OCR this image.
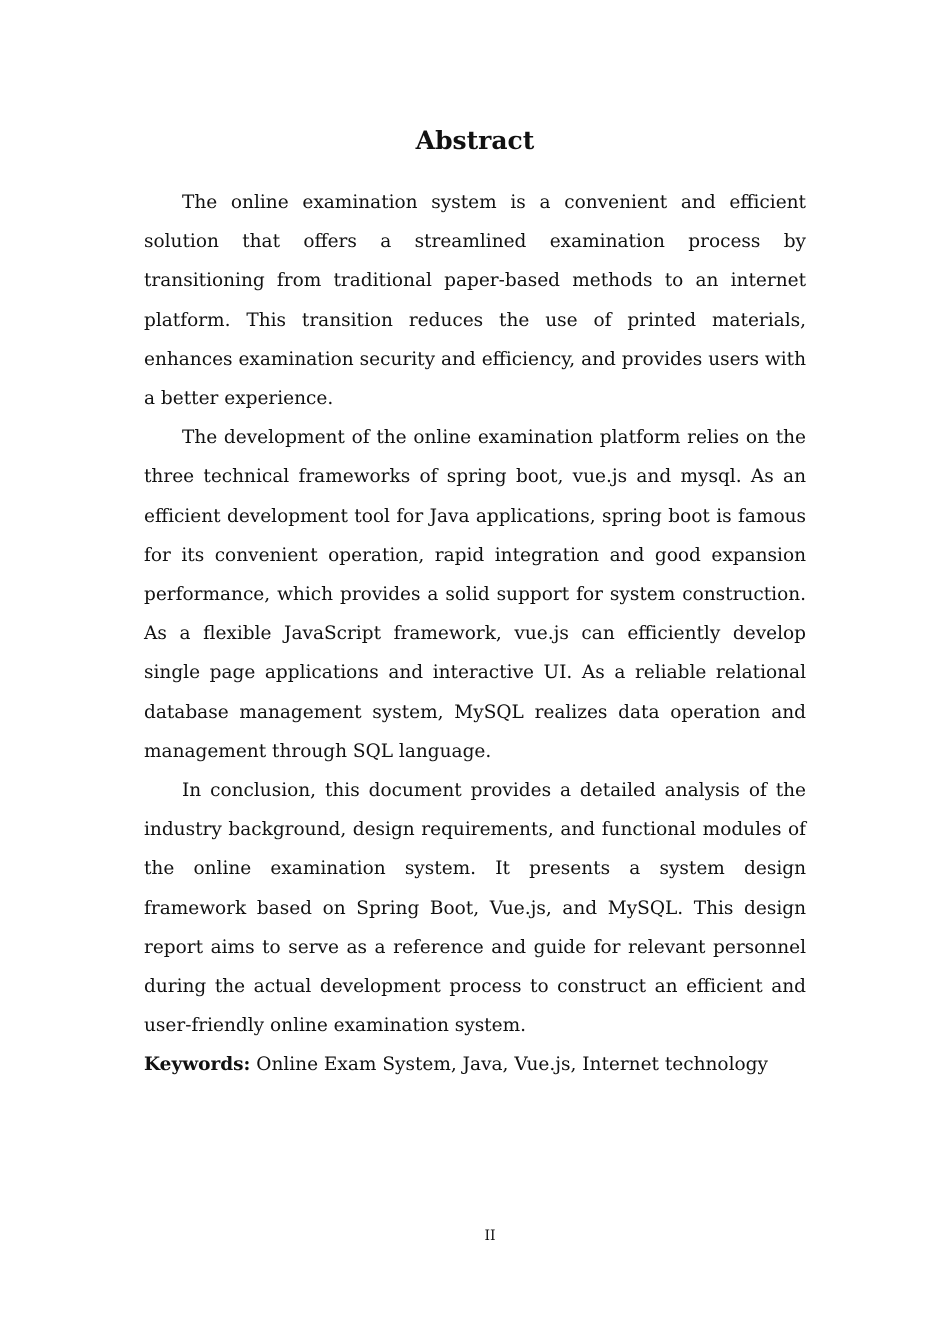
Abstract

The online examination system is a convenient and efficient solution that offers a streamlined examination process by transitioning from traditional paper-based methods to an internet platform. This transition reduces the use of printed materials, enhances examination security and efficiency, and provides users with a better experience.

The development of the online examination platform relies on the three technical frameworks of spring boot, vue.js and mysql. As an efficient development tool for Java applications, spring boot is famous for its convenient operation, rapid integration and good expansion performance, which provides a solid support for system construction. As a flexible JavaScript framework, vue.js can efficiently develop single page applications and interactive UI. As a reliable relational database management system, MySQL realizes data operation and management through SQL language.

In conclusion, this document provides a detailed analysis of the industry background, design requirements, and functional modules of the online examination system. It presents a system design framework based on Spring Boot, Vue.js, and MySQL. This design report aims to serve as a reference and guide for relevant personnel during the actual development process to construct an efficient and user-friendly online examination system.

Keywords: Online Exam System, Java, Vue.js, Internet technology

II
